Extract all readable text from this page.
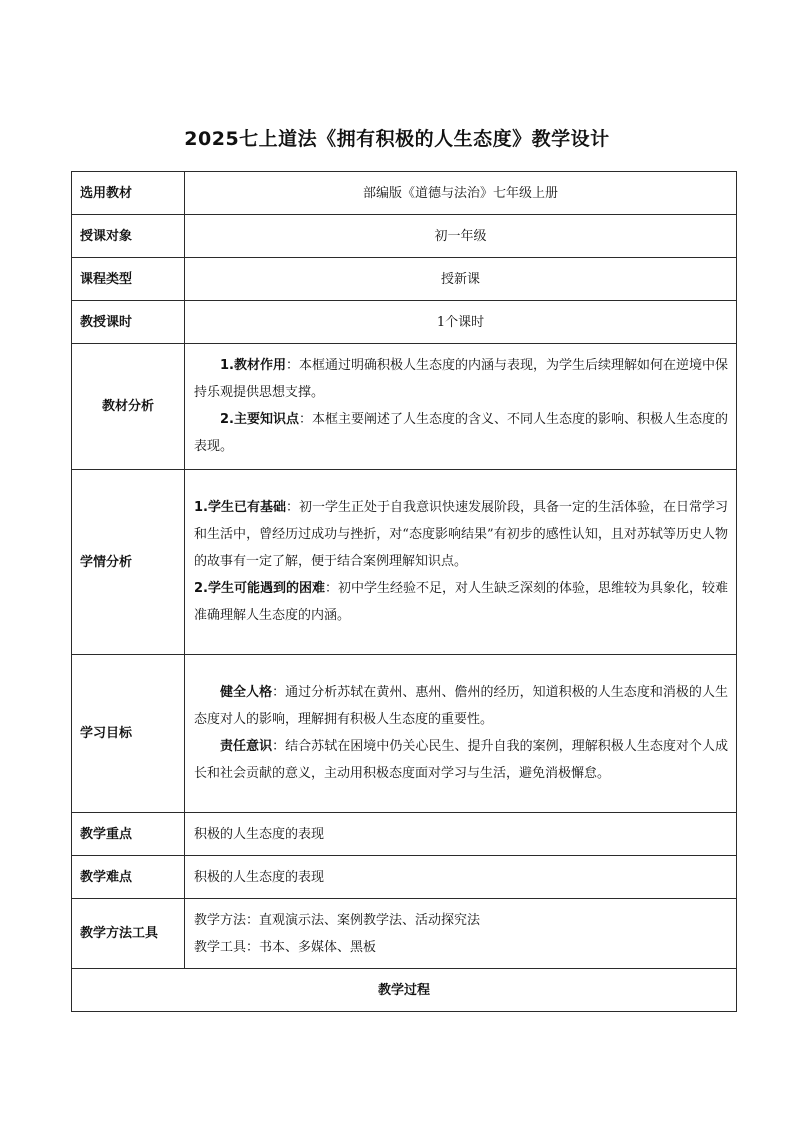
2025七上道法《拥有积极的人生态度》教学设计
选用教材	部编版《道德与法治》七年级上册
授课对象	初一年级
课程类型	授新课
教授课时	1个课时
教材分析	1.教材作用：本框通过明确积极人生态度的内涵与表现，为学生后续理解如何在逆境中保持乐观提供思想支撑。

2.主要知识点：本框主要阐述了人生态度的含义、不同人生态度的影响、积极人生态度的表现。

学情分析	1.学生已有基础：初一学生正处于自我意识快速发展阶段，具备一定的生活体验，在日常学习和生活中，曾经历过成功与挫折，对“态度影响结果”有初步的感性认知，且对苏轼等历史人物的故事有一定了解，便于结合案例理解知识点。

2.学生可能遇到的困难：初中学生经验不足，对人生缺乏深刻的体验，思维较为具象化，较难准确理解人生态度的内涵。

学习目标	健全人格：通过分析苏轼在黄州、惠州、儋州的经历，知道积极的人生态度和消极的人生态度对人的影响，理解拥有积极人生态度的重要性。

责任意识：结合苏轼在困境中仍关心民生、提升自我的案例，理解积极人生态度对个人成长和社会贡献的意义，主动用积极态度面对学习与生活，避免消极懈怠。

教学重点	积极的人生态度的表现
教学难点	积极的人生态度的表现
教学方法工具	教学方法：直观演示法、案例教学法、活动探究法
教学工具：书本、多媒体、黑板

教学过程	
